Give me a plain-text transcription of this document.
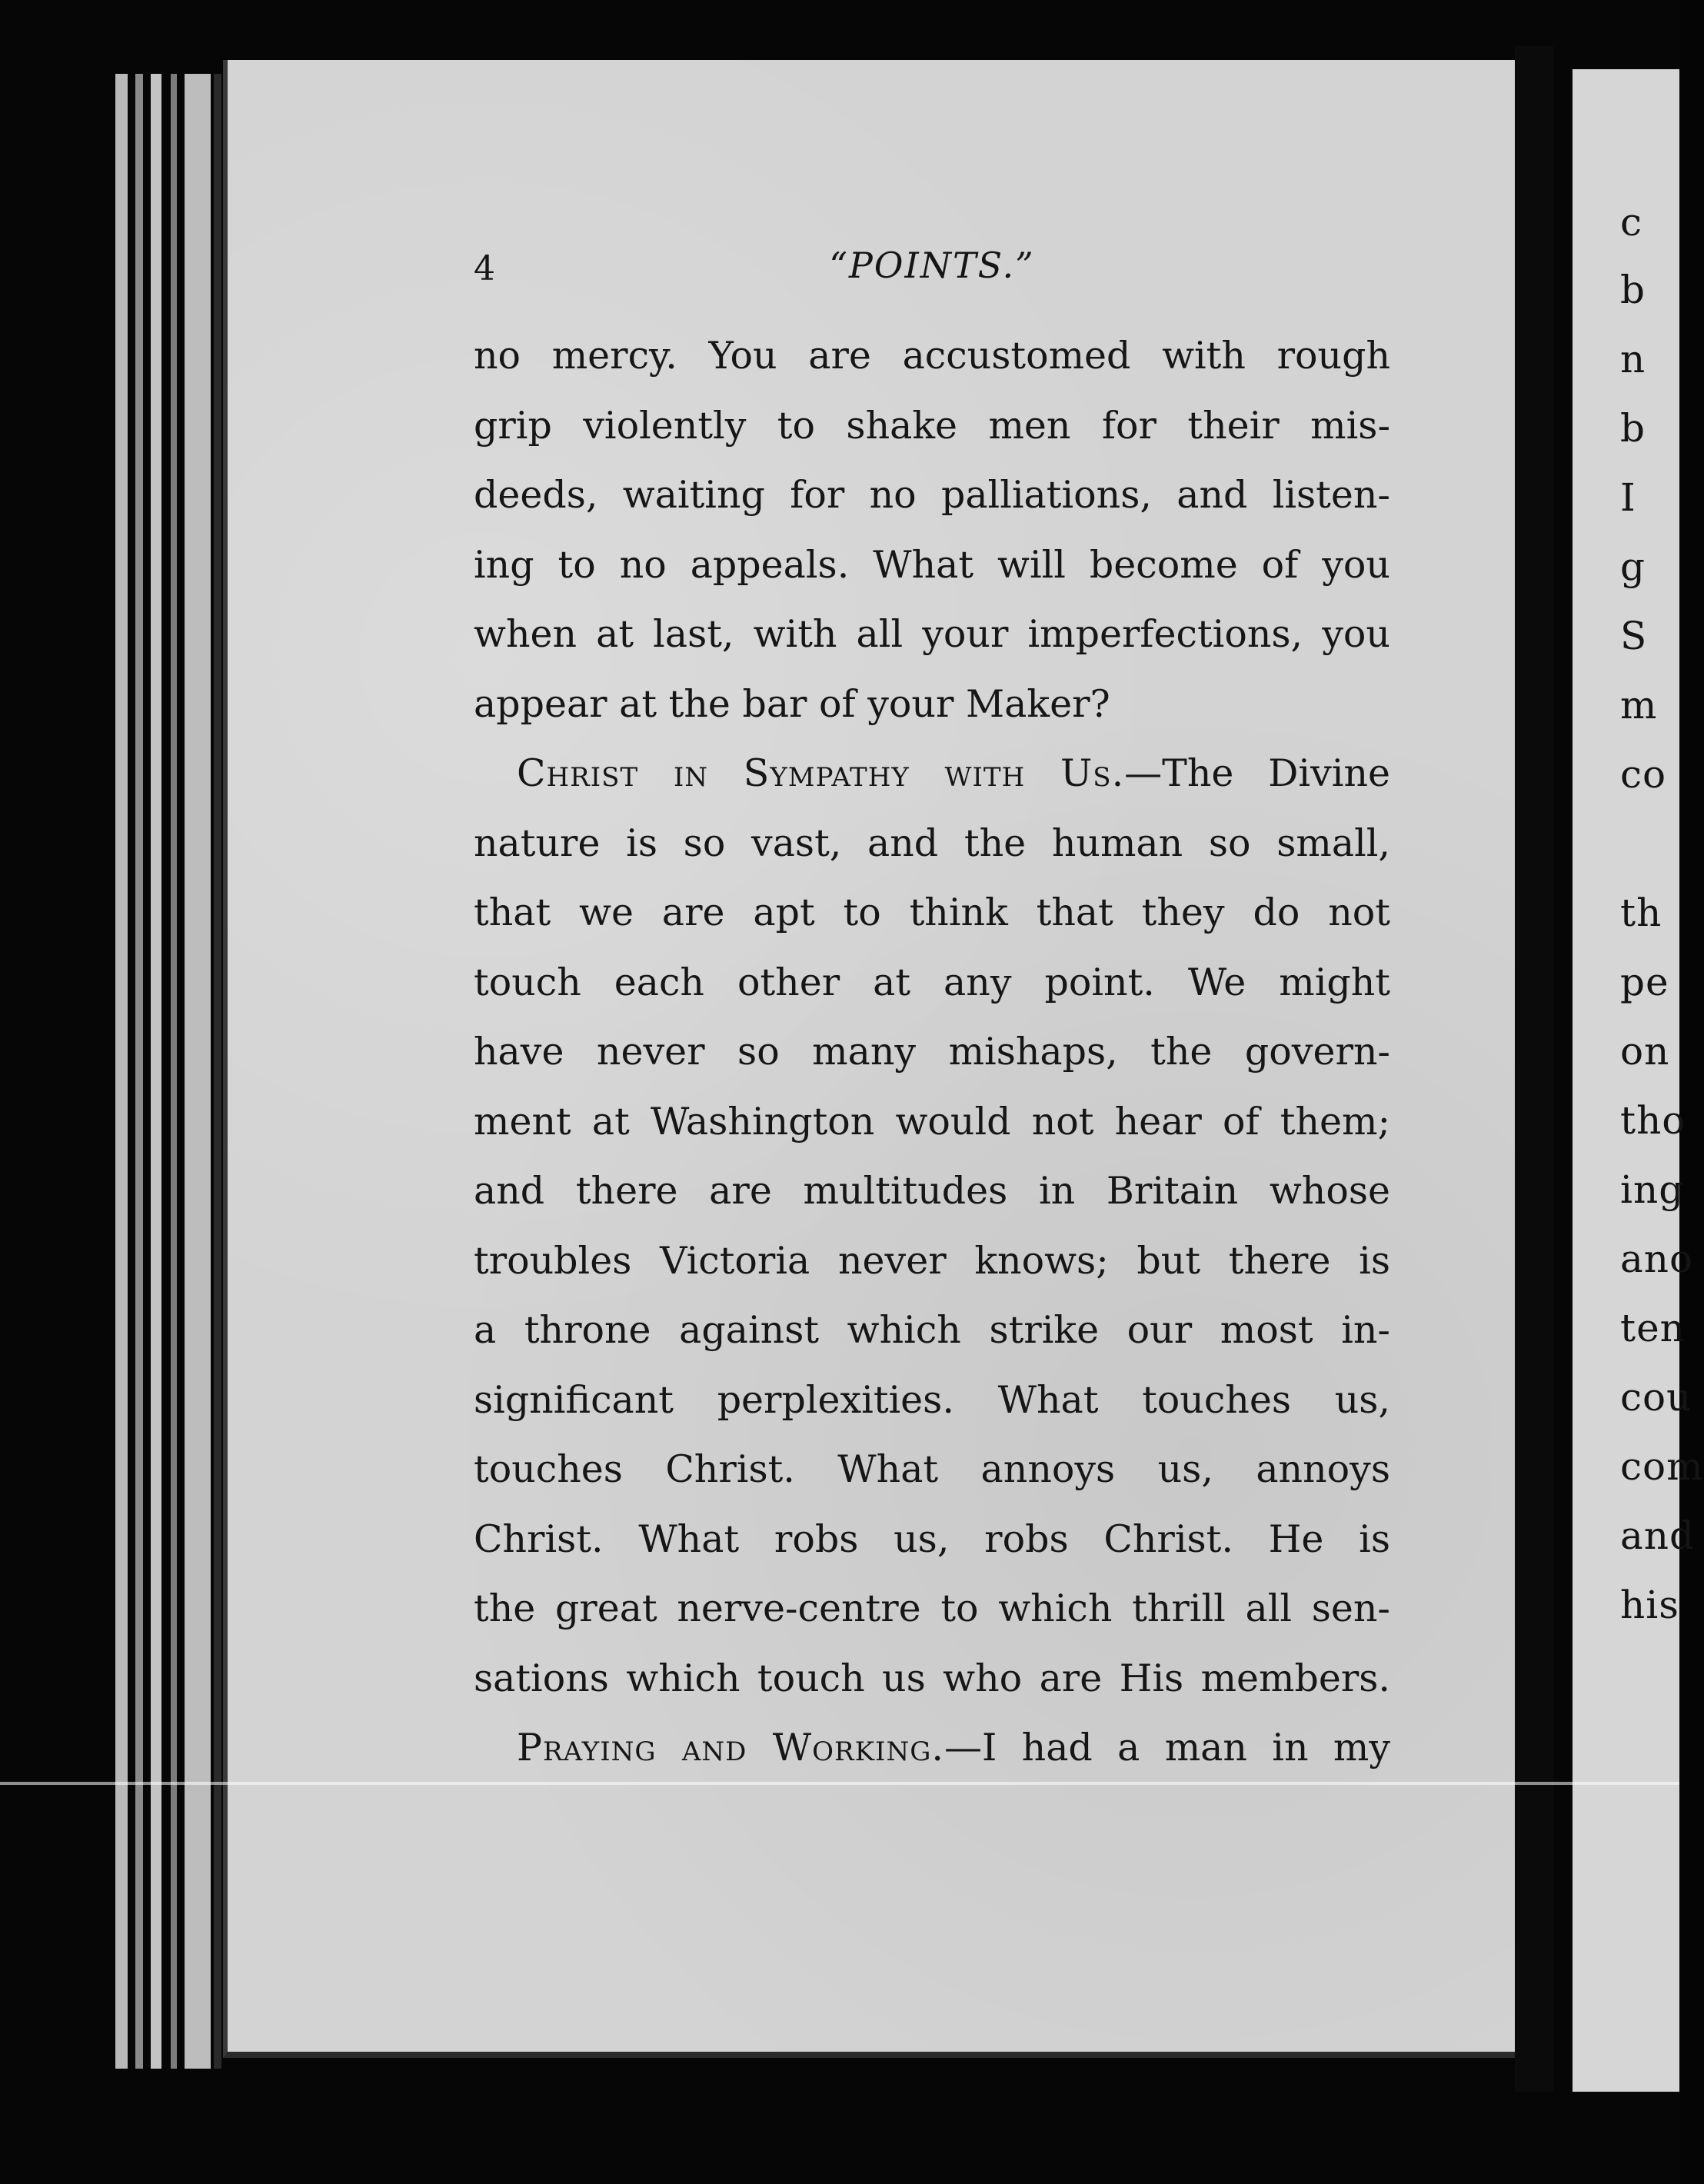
c
b
n
b
I
g
S
m
co
th
pe
on
tho
ing
ano
ten
cou
com
and
his
4	“POINTS.”
no mercy. You are accustomed with rough
grip violently to shake men for their mis-
deeds, waiting for no palliations, and listen-
ing to no appeals. What will become of you
when at last, with all your imperfections, you
appear at the bar of your Maker?
Christ in Sympathy with Us.—The Divine
nature is so vast, and the human so small,
that we are apt to think that they do not
touch each other at any point. We might
have never so many mishaps, the govern-
ment at Washington would not hear of them;
and there are multitudes in Britain whose
troubles Victoria never knows; but there is
a throne against which strike our most in-
significant perplexities. What touches us,
touches Christ. What annoys us, annoys
Christ. What robs us, robs Christ. He is
the great nerve-centre to which thrill all sen-
sations which touch us who are His members.
Praying and Working.—I had a man in my
